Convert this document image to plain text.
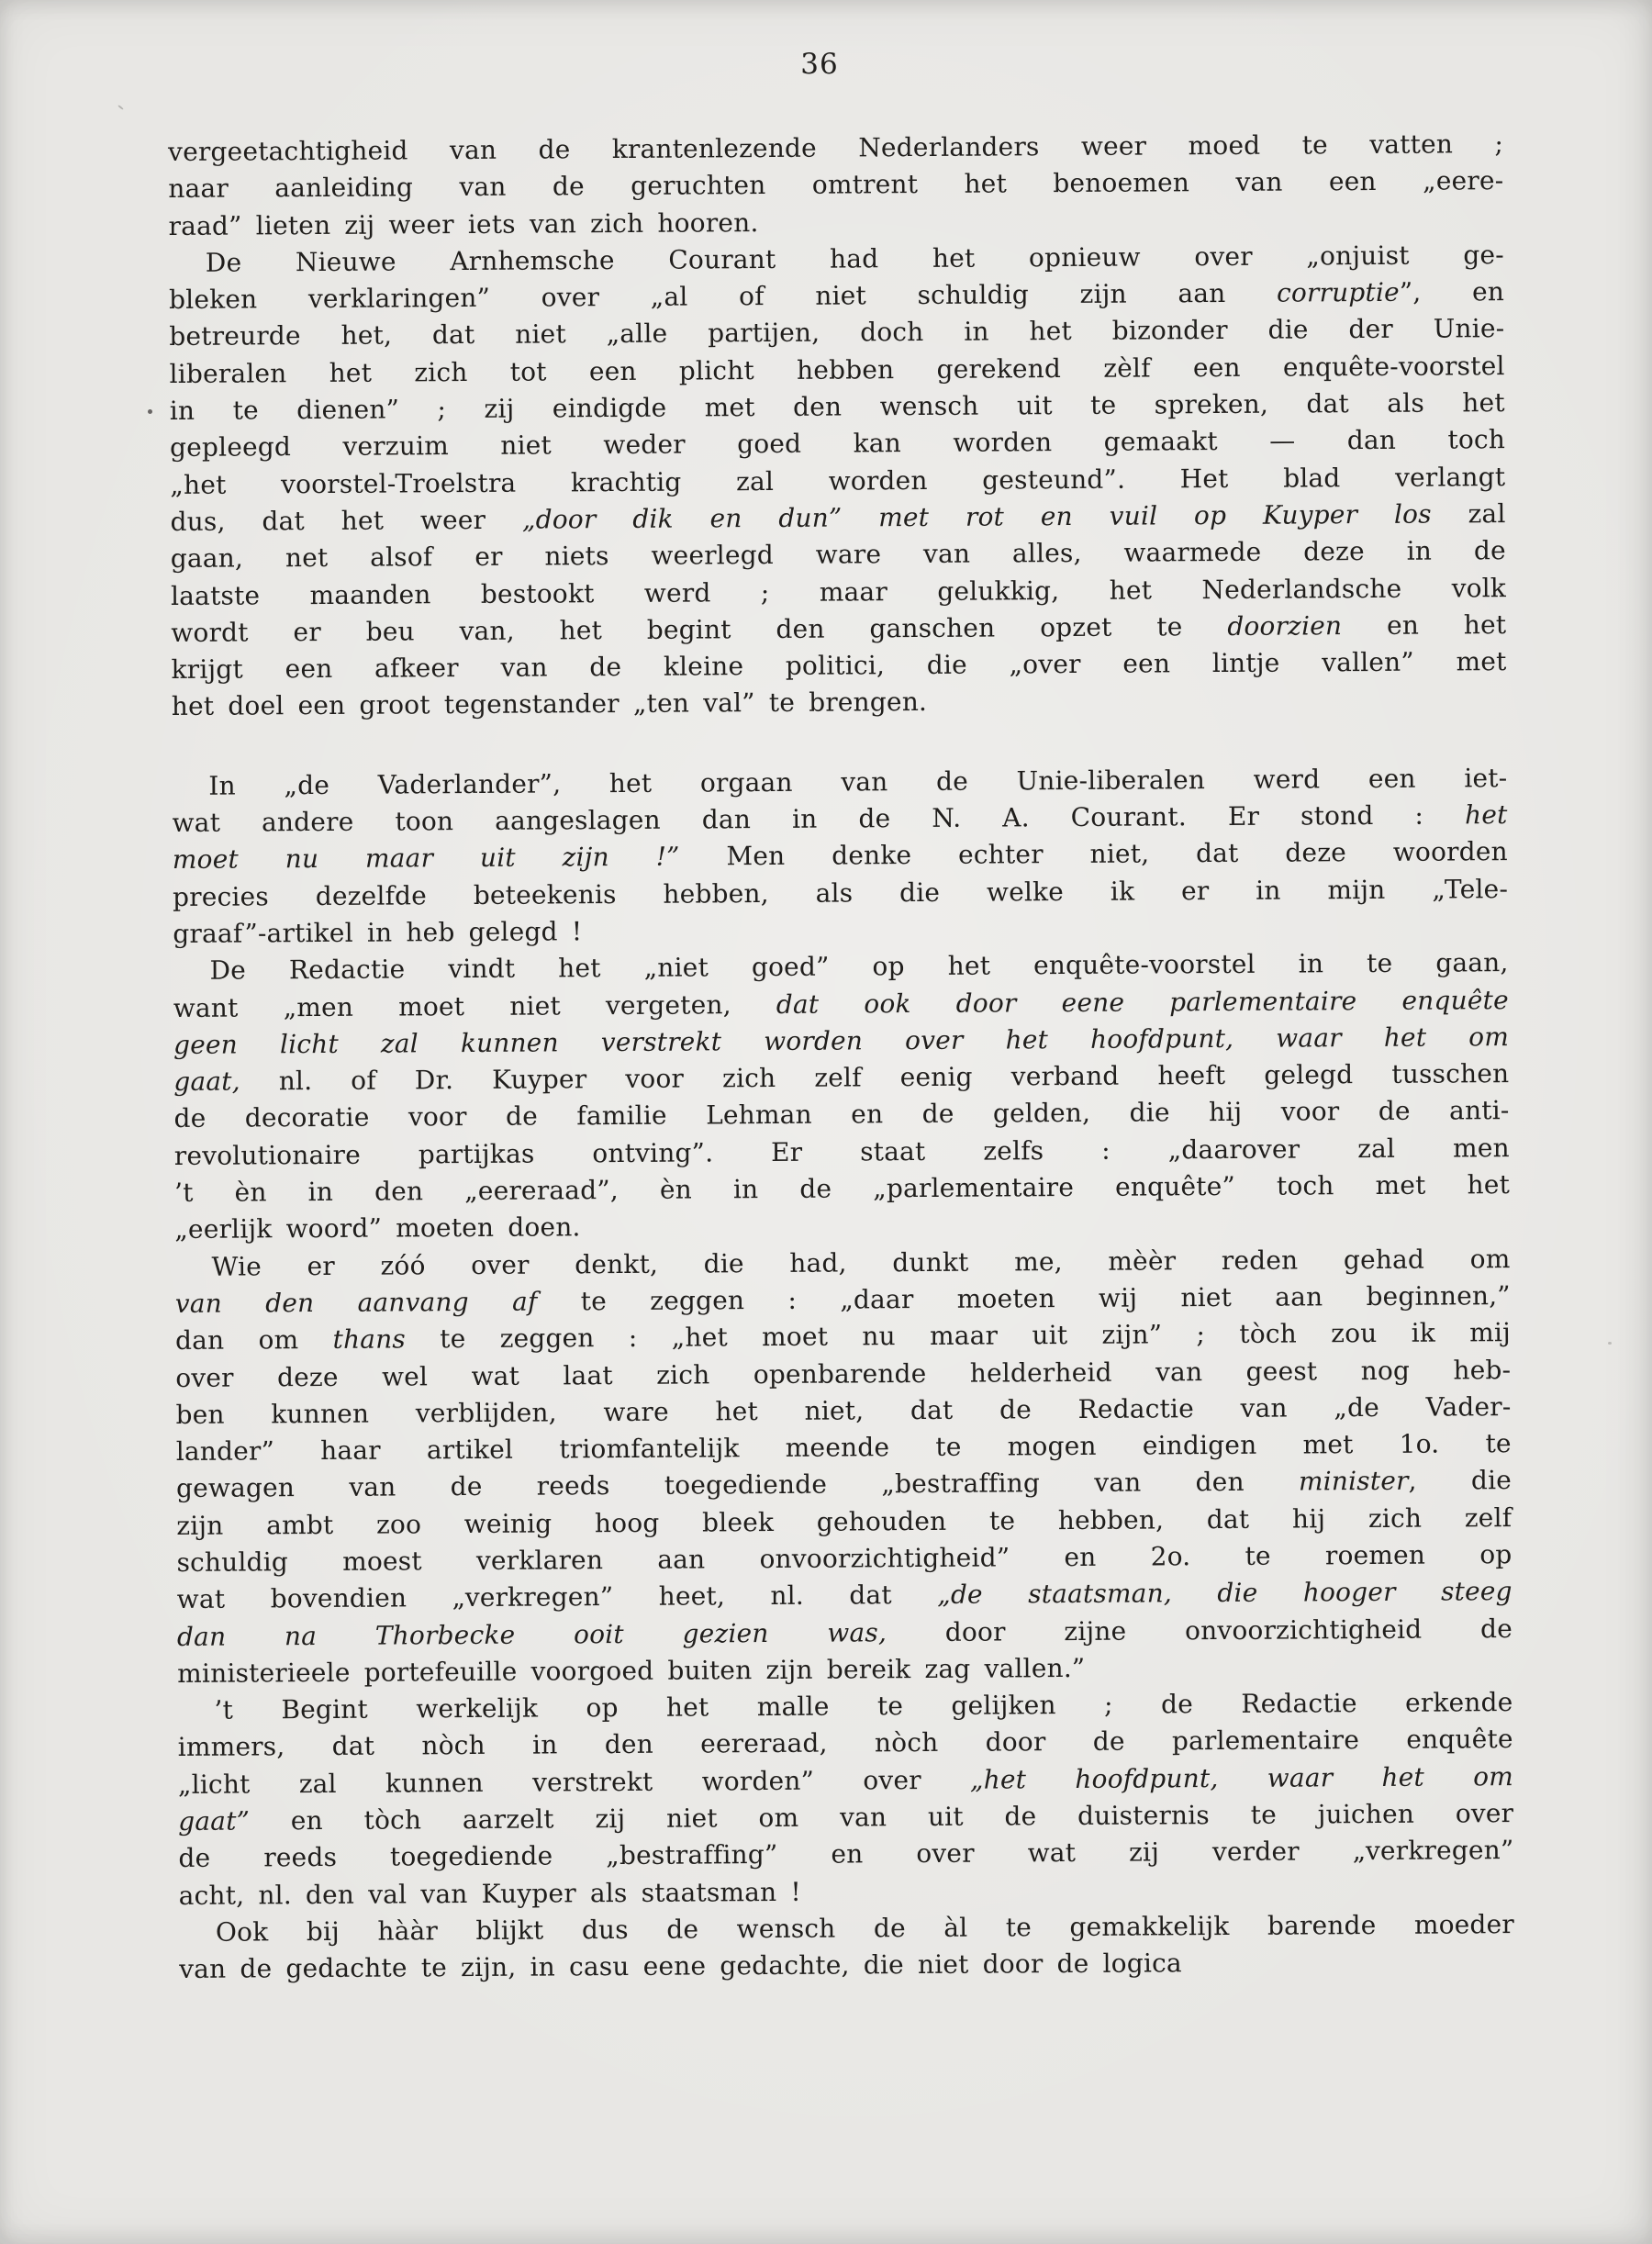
36
vergeetachtigheid van de krantenlezende Nederlanders weer moed te vatten ;
naar aanleiding van de geruchten omtrent het benoemen van een „eere-
raad” lieten zij weer iets van zich hooren.
De Nieuwe Arnhemsche Courant had het opnieuw over „onjuist ge-
bleken verklaringen” over „al of niet schuldig zijn aan corruptie”, en
betreurde het, dat niet „alle partijen, doch in het bizonder die der Unie-
liberalen het zich tot een plicht hebben gerekend zèlf een enquête-voorstel
in te dienen” ; zij eindigde met den wensch uit te spreken, dat als het
gepleegd verzuim niet weder goed kan worden gemaakt — dan toch
„het voorstel-Troelstra krachtig zal worden gesteund”. Het blad verlangt
dus, dat het weer „door dik en dun” met rot en vuil op Kuyper los zal
gaan, net alsof er niets weerlegd ware van alles, waarmede deze in de
laatste maanden bestookt werd ; maar gelukkig, het Nederlandsche volk
wordt er beu van, het begint den ganschen opzet te doorzien en het
krijgt een afkeer van de kleine politici, die „over een lintje vallen” met
het doel een groot tegenstander „ten val” te brengen.
In „de Vaderlander”, het orgaan van de Unie-liberalen werd een iet-
wat andere toon aangeslagen dan in de N. A. Courant. Er stond : het
moet nu maar uit zijn !” Men denke echter niet, dat deze woorden
precies dezelfde beteekenis hebben, als die welke ik er in mijn „Tele-
graaf”-artikel in heb gelegd !
De Redactie vindt het „niet goed” op het enquête-voorstel in te gaan,
want „men moet niet vergeten, dat ook door eene parlementaire enquête
geen licht zal kunnen verstrekt worden over het hoofdpunt, waar het om
gaat, nl. of Dr. Kuyper voor zich zelf eenig verband heeft gelegd tusschen
de decoratie voor de familie Lehman en de gelden, die hij voor de anti-
revolutionaire partijkas ontving”. Er staat zelfs : „daarover zal men
’t èn in den „eereraad”, èn in de „parlementaire enquête” toch met het
„eerlijk woord” moeten doen.
Wie er zóó over denkt, die had, dunkt me, mèèr reden gehad om
van den aanvang af te zeggen : „daar moeten wij niet aan beginnen,”
dan om thans te zeggen : „het moet nu maar uit zijn” ; tòch zou ik mij
over deze wel wat laat zich openbarende helderheid van geest nog heb-
ben kunnen verblijden, ware het niet, dat de Redactie van „de Vader-
lander” haar artikel triomfantelijk meende te mogen eindigen met 1o. te
gewagen van de reeds toegediende „bestraffing van den minister, die
zijn ambt zoo weinig hoog bleek gehouden te hebben, dat hij zich zelf
schuldig moest verklaren aan onvoorzichtigheid” en 2o. te roemen op
wat bovendien „verkregen” heet, nl. dat „de staatsman, die hooger steeg
dan na Thorbecke ooit gezien was, door zijne onvoorzichtigheid de
ministerieele portefeuille voorgoed buiten zijn bereik zag vallen.”
’t Begint werkelijk op het malle te gelijken ; de Redactie erkende
immers, dat nòch in den eereraad, nòch door de parlementaire enquête
„licht zal kunnen verstrekt worden” over „het hoofdpunt, waar het om
gaat” en tòch aarzelt zij niet om van uit de duisternis te juichen over
de reeds toegediende „bestraffing” en over wat zij verder „verkregen”
acht, nl. den val van Kuyper als staatsman !
Ook bij hààr blijkt dus de wensch de àl te gemakkelijk barende moeder
van de gedachte te zijn, in casu eene gedachte, die niet door de logica
